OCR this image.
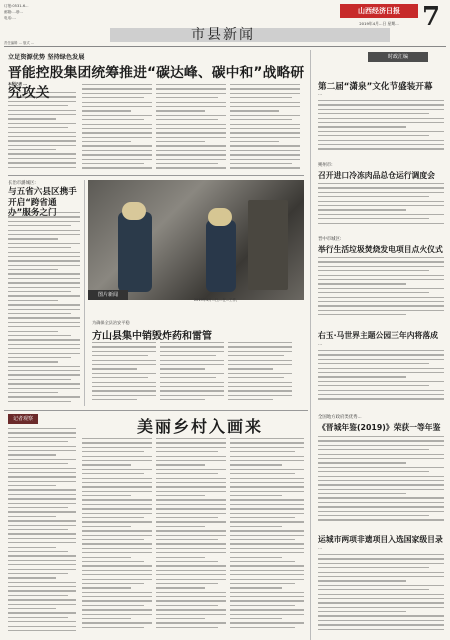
订报:0531-6...
邮箱:...@...
电话:...
市县新闻
山西经济日报
2019年4月...日 星期... 7
责任编辑 ... 版式 ...
立足资源优势 坚持绿色发展
晋能控股集团统筹推进“碳达峰、碳中和”战略研究攻关
本报记者 ...
长治市潞城区:
与五省六县区携手开启“跨省通办”服务之门
图片新闻
2019年4月...日,...在...工作。
为确保全县治安平稳
方山县集中销毁炸药和雷管
时政汇编
第二届“潇泉”文化节盛装开幕
...
朔州市:
召开进口冷冻肉品总仓运行调度会
晋中市城区:
举行生活垃圾焚烧发电项目点火仪式
右玉·马世界主题公园三年内将落成
...
全国地方政府类优秀...
《晋城年鉴(2019)》荣获一等年鉴
运城市两项非遗项目入选国家级目录
...
记者观察	美丽乡村入画来
